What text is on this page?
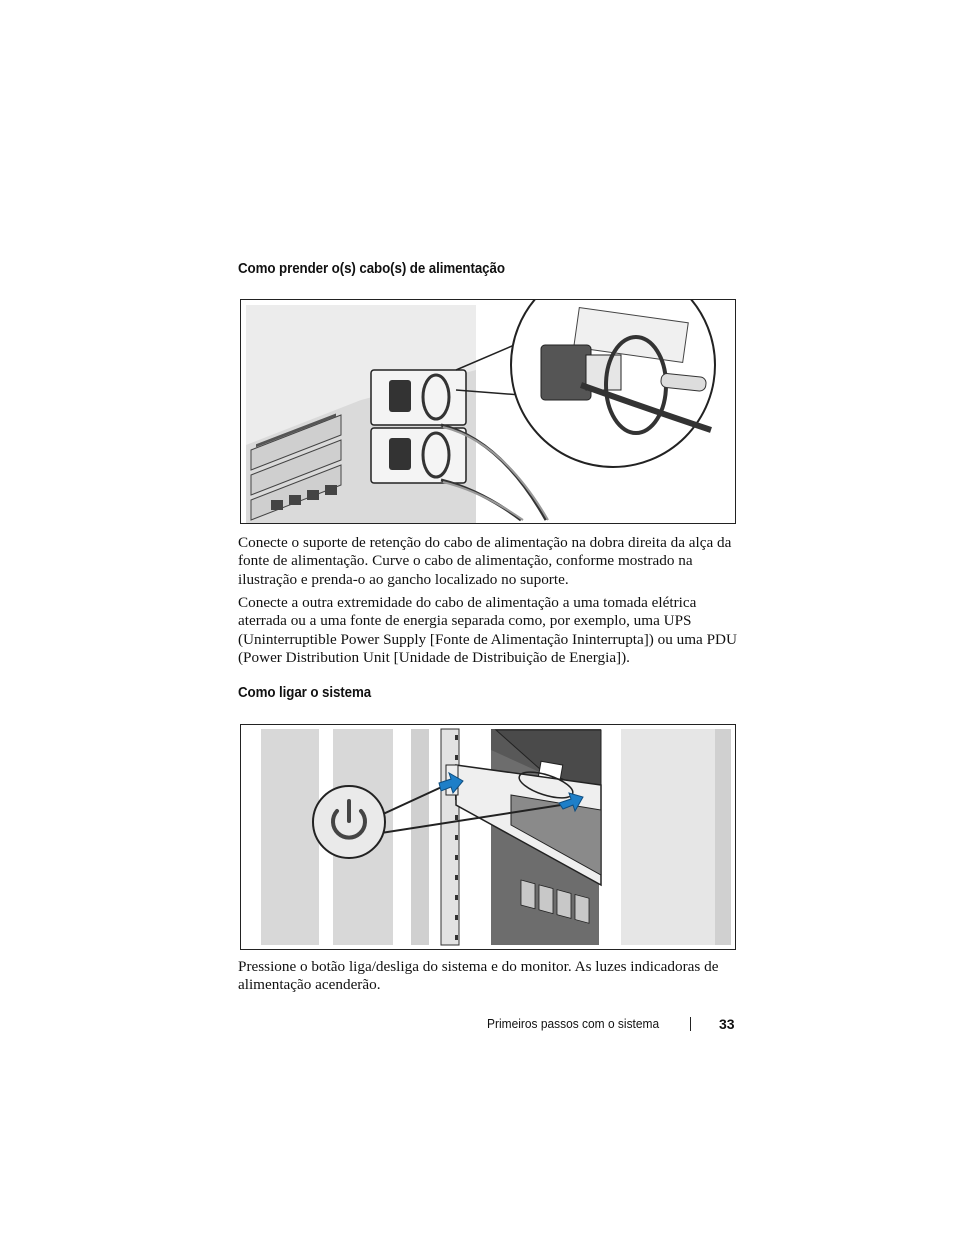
Como prender o(s) cabo(s) de alimentação

Conecte o suporte de retenção do cabo de alimentação na dobra direita da alça da fonte de alimentação. Curve o cabo de alimentação, conforme mostrado na ilustração e prenda-o ao gancho localizado no suporte.

Conecte a outra extremidade do cabo de alimentação a uma tomada elétrica aterrada ou a uma fonte de energia separada como, por exemplo, uma UPS (Uninterruptible Power Supply [Fonte de Alimentação Ininterrupta]) ou uma PDU (Power Distribution Unit [Unidade de Distribuição de Energia]).

Como ligar o sistema

Pressione o botão liga/desliga do sistema e do monitor. As luzes indicadoras de alimentação acenderão.

Primeiros passos com o sistema	33
